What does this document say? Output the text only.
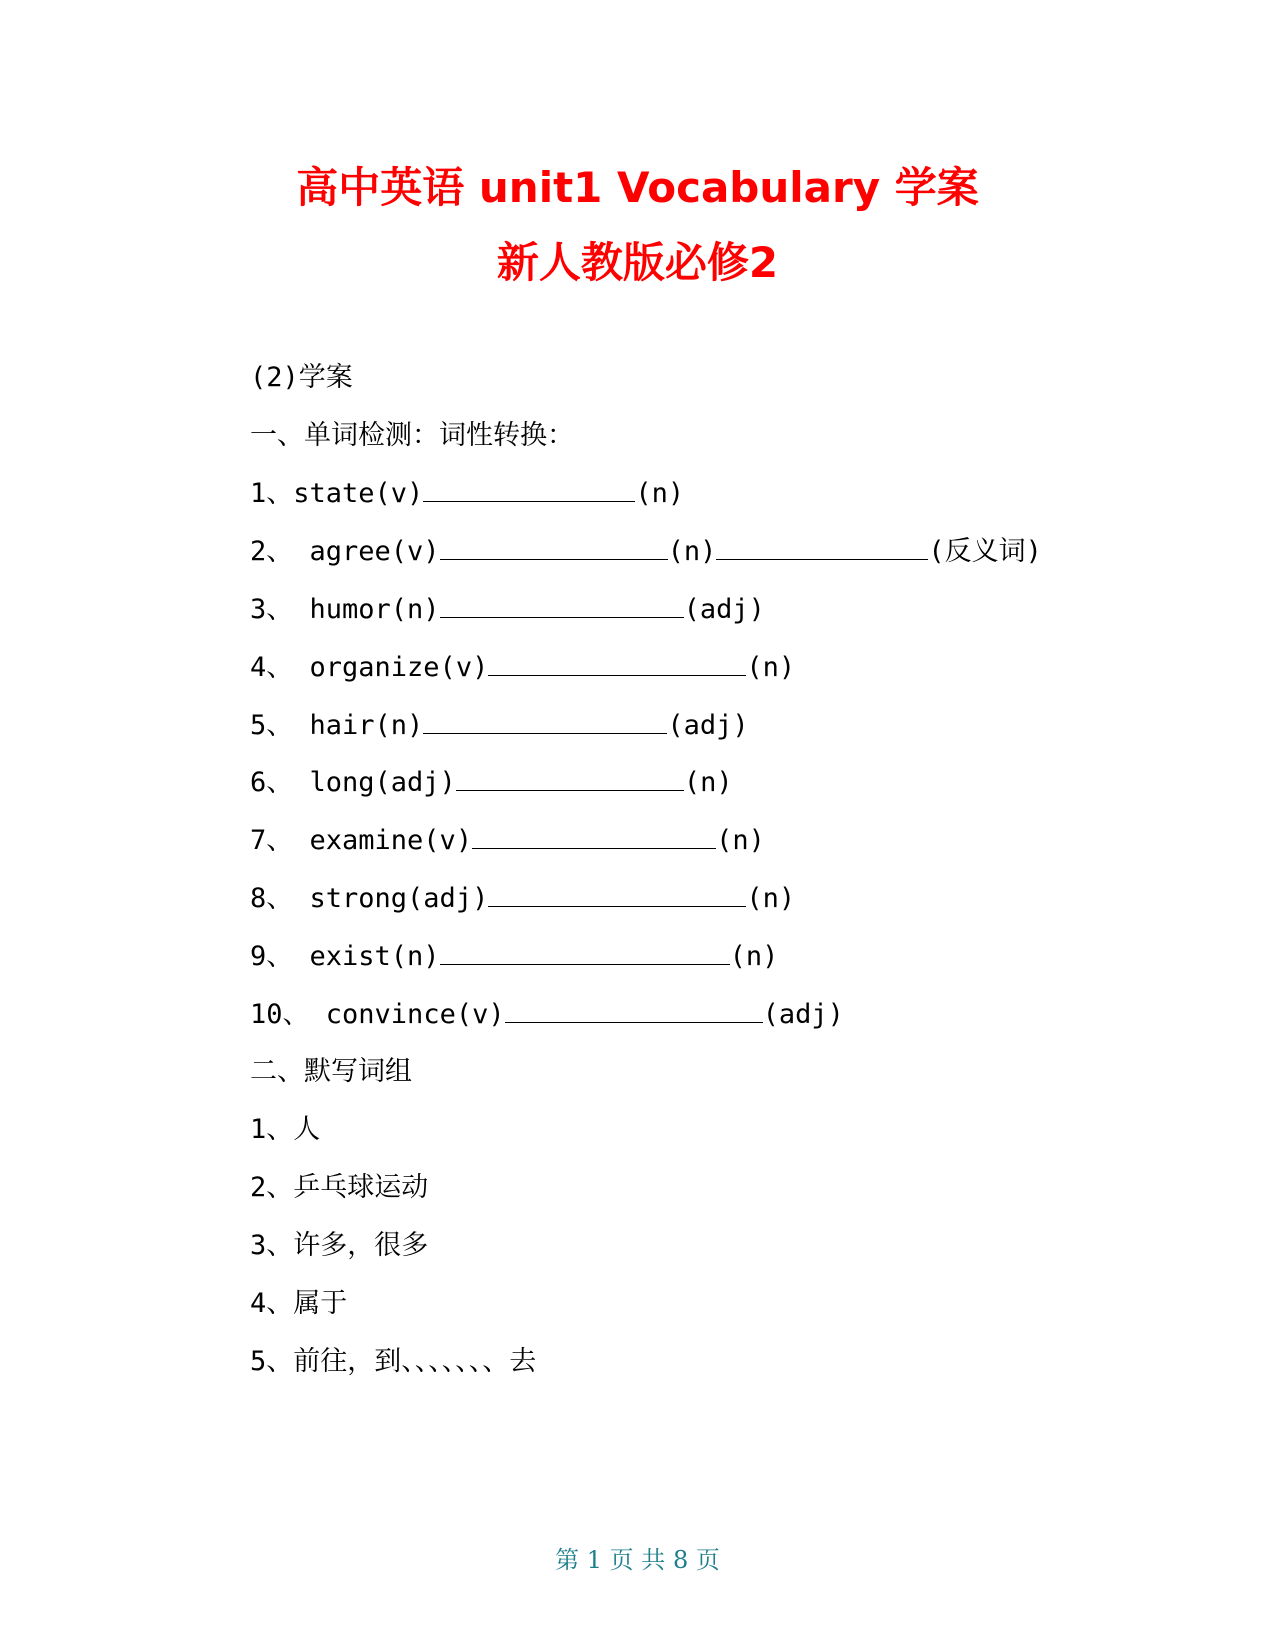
高中英语 unit1 Vocabulary 学案
新人教版必修2
(2)学案
一、单词检测：词性转换：
1、state(v)	(n)
2、 agree(v)	(n)	(反义词)
3、 humor(n)	(adj)
4、 organize(v)	(n)
5、 hair(n)	(adj)
6、 long(adj)	(n)
7、 examine(v)	(n)
8、 strong(adj)	(n)
9、 exist(n)	(n)
10、 convince(v)	(adj)
二、默写词组
1、人
2、乒乓球运动
3、许多，很多
4、属于
5、前往，到、、、、、、、去
第 1 页 共 8 页
